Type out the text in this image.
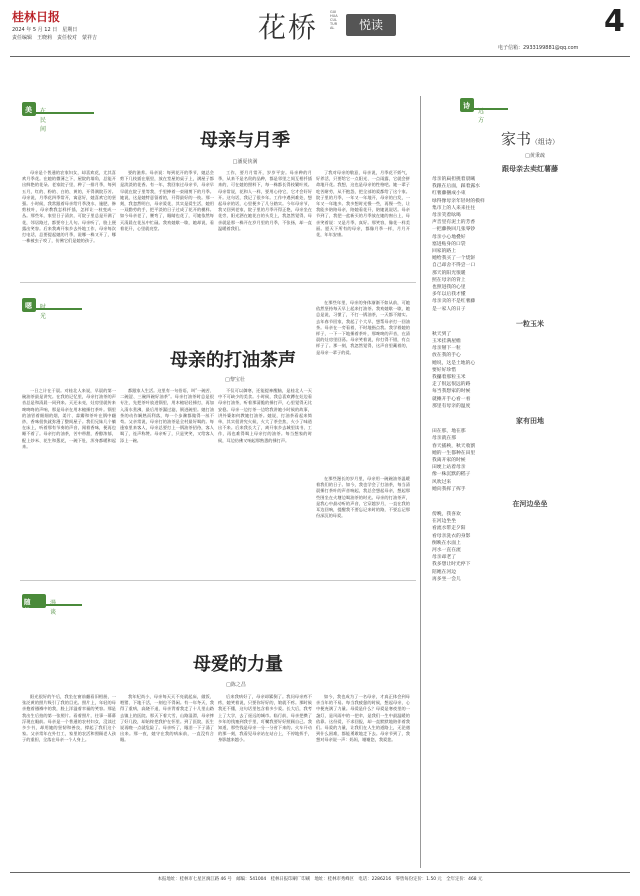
桂林日报
2024 年 5 月 12 日　星期日
责任编辑　王晓莉　责任校对　蒙祥吉	花桥	GUIHUA CULTURAL	悦读	4
电子信箱：29331998​81@qq.com
美 在民间
母亲与月季
□潘夏侠满
母亲是个普通的农家妇女，却喜欢花，尤其喜欢月季花。在她的微薄之下，屋院的墙角，总能开出鲜艳的花朵。老家院子里，种了一排月季，每到五月，红的、粉的、白的、黄的，开得满院芬芳。母亲说，月季花四季常开，寓意好，她喜欢它的坚强。小时候，我常跟着母亲给月季浇水、施肥、修剪枝叶，母亲教我怎样扦插，怎样让一枝变成一丛。那些年，家里日子清贫，可院子里总是开满了花，邻居路过，都要夸上几句。母亲听了，脸上便露出笑容。后来我离开家乡去外地工作，母亲每次打电话，总要提起她的月季，说哪一株又开了，哪一株被虫子咬了，仿佛它们是她的孩子。
要的滋养。母亲说：每到花开的季节，她总会剪下几枝插在瓶里，放在堂屋的桌子上，满屋子都是淡淡的花香。有一年，我回家过母亲节，母亲早早就在院子里等我，手里捧着一束刚剪下的月季。她说，这是她特意留着的，开得最好的一枝。那一刻，我忽然明白，母亲爱花，其实是爱生活，她用一双勤劳的手，把平淡的日子过成了花开的模样。如今母亲老了，腰弯了，眼睛也花了，可她依然每天清晨在花丛中忙碌。我劝她歇一歇，她却说，看着花开，心里就亮堂。
工作，要月月常开，岁岁平安。母亲种的月季，从来不是名贵的品种，都是邻里之间互相扦插来的，可在她的照料下，每一株都长得枝繁叶茂。母亲常说，花和人一样，要用心待它，它才会好好开。这句话，我记了很多年。工作中遇到难处，想起母亲的话，心里便多了几分踏实。今年母亲节，我又回到老家，院子里的月季开得正艳，母亲坐在花旁，阳光洒在她花白的头发上，我忽然觉得，母亲就是那一株开在岁月里的月季，不张扬，却一直温暖着我们。
了我对母亲的敬意，母亲说，月季花不娇气，好养活，只要给它一点阳光、一点雨露，它就会拼命地开花。我想，这也是母亲的性格吧。她一辈子吃苦耐劳，从不抱怨，把全部的爱都给了这个家。院子里的月季，一年又一年地开，母亲的白发，一年又一年地多。我多想时光慢一些，再慢一些，让我能多陪陪母亲，陪她看花开，陪她说说话。母亲节到了，我把一盆新买的月季放在她的窗台上，母亲笑着说：又是月季，真好。那笑容，像花一样美丽。愿天下所有的母亲，都像月季一样，月月开花，年年安康。
嗯 时光
母亲的打油茶声
□黎宝壮
一日之计在于晨。对桂北人来说，早晨的第一碗油茶最是讲究。在我的记忆里，母亲打油茶的声音总是和清晨一同到来。天还未亮，灶房里就传来咚咚咚的声响，那是母亲在用木槌捶打茶叶。锅里的油冒着细细的烟，姜片、蒜瓣和茶叶在锅中翻炒，香味很快就弥漫了整间屋子。我们兄妹几个躺在床上，听着那有节奏的声音，闻着香味，便再也睡不着了。母亲打的油茶，苦中带甜，香醇浓郁，配上炒米、花生和葱花，一碗下肚，浑身都暖和起来。
都跟家人生活。这里有一句俗语，叫“一碗苦、二碗涩、三碗四碗好油茶”。母亲打油茶时总是很专注，先把茶叶放进锅里，用木槌轻轻捶打，再加入清水煮沸，最后用茶漏过滤，倒进碗里。她打油茶的动作娴熟而利落，每一个步骤都做得一丝不苟。父亲常说，母亲打的油茶是全村最好喝的。每逢家里来客人，母亲总要打上一锅油茶招待，客人喝了，连声称赞。母亲听了，只是笑笑，又给客人添上一碗。
不仅可以御寒，还能提神醒脑，是桂北人一天中不可缺少的美食。小时候，我总喜欢蹲在灶边看母亲打油茶，听着那清脆的捶打声，心里觉得无比安稳。母亲一边打茶一边给我讲她小时候的故事，讲外婆如何教她打油茶。她说，打油茶看起来简单，其实很讲究火候，火大了茶会焦，火小了味道出不来。后来我长大了，离开家乡去城里读书、工作，再也难得喝上母亲打的油茶。每当想家的时候，耳边仿佛又响起那熟悉的捶打声。
在那些年里，母亲的身体渐渐不如从前，可她依然坚持每天早上起来打油茶。我劝她歇一歇，她总是说，习惯了，不打一锅油茶，一天都不踏实。去年春节回家，我起了个大早，想帮母亲打一回油茶。母亲在一旁看着，不时地指点我。我学着她的样子，一下一下地捶着茶叶，那咚咚的声音，在清晨的灶房里回荡。母亲笑着说，你打得不错，有点样子了。那一刻，我忽然觉得，这声音里藏着的，是母亲一辈子的爱。
在那些漫长的岁月里，母亲用一碗碗油茶温暖着我们的日子。如今，我也学会了打油茶，每当清晨捶打茶叶的声音响起，我总会想起母亲，想起那些围坐在火塘边喝油茶的时光。母亲的打油茶声，是我心中最动听的声音，它穿越岁月，一直在我的耳边回响，提醒我不要忘记来时的路，不要忘记那份深沉的母爱。
随笔
漫谈
母爱的力量
□陈之昌
阳光很好的午后，我坐在窗前翻看旧相册，一张泛黄的照片吸引了我的目光。照片上，年轻的母亲抱着襁褓中的我，脸上洋溢着幸福的笑容。那是我出生后拍的第一张照片。看着照片，往事一幕幕浮现在眼前。母亲是一个普通的农村妇女，没读过多少书，却用她的坚韧和善良，撑起了我们这个家。父亲常年在外打工，家里的农活和照顾老人孩子的重担，全落在母亲一个人身上。
我年纪尚小，母亲每天天不亮就起床，做饭、喂猪、下地干活，一刻也不得闲。有一年冬天，我得了重病，高烧不退，母亲背着我走了十几里山路去镇上的医院。那天下着大雪，山路湿滑，母亲摔了好几跤，却始终把我护在怀里。到了医院，医生说再晚一点就危险了。母亲听了，眼泪一下子涌了出来。那一夜，她守在我的病床前，一直没有合眼。
后来我病好了，母亲却累倒了。我问母亲疼不疼，她笑着说，只要你好好的，娘就不疼。那时候我还不懂，这句话里包含着多少爱。长大后，我考上了大学，去了遥远的城市。临行前，母亲把攒了多年的钱塞到我手里，叮嘱我要好好照顾自己。我知道，那些钱是母亲一分一分省下来的。火车开动的那一刻，我看见母亲站在站台上，不停地挥手，身影越来越小。
如今，我也成为了一名母亲，才真正体会到母亲当年的不易。每当我疲惫的时候，想起母亲，心中便充满了力量。母爱是什么？母爱是寒夜里的一盏灯，是风雨中的一把伞，是我们一生中最温暖的依靠。这份爱，不求回报，却一直默默地陪伴着我们。母爱的力量，让我们在人生的道路上，无论遇到什么困难，都能勇敢地走下去。母亲节到了，我想对母亲说一声：妈妈，谢谢您，我爱您。
诗
远方
家书（组诗）
□黄秉疏
跟母亲去卖红薯藤
母亲的扁担挑着晨曦
我跟在后面，踩着露水
红薯藤捆成小束
绿得像母亲年轻时的模样
集市上的人来来往往
母亲笑着吆喝
声音里有泥土的芳香
一把藤换回几张零钞
母亲小心地叠好
塞进贴身的口袋
回家的路上
她给我买了一个烧饼
自己却舍不得尝一口
那天的阳光很暖
照在母亲的背上
也照进我的心里
多年以后我才懂
母亲卖的不是红薯藤
是一家人的日子
一粒玉米
秋天到了
玉米挂满屋檐
母亲掰下一粒
放在我的手心
她说，这是土地的心
要好好珍惜
我攥着那粒玉米
走了很远很远的路
每当我想家的时候
就摊开手心看一看
那里有母亲的温度
家有田地
田在那，地在那
母亲就在那
春天插秧，秋天收割
她的一生都种在田里
我离开家的时候
田埂上站着母亲
像一株沉默的稻子
风吹过来
她向我挥了挥手
在河边坐坐
傍晚，我喜欢
在河边坐坐
看流水带走夕阳
看母亲洗衣的身影
倒映在水面上
河水一直在流
母亲却老了
我多想让时光停下
陪她在河边
再多坐一会儿
本报地址：桂林市七星区漓江路 46 号　邮编：541004　桂林日报印刷厂印刷　地址：桂林市秀峰区　电话：2286216　零售每份定价：1.50 元　全年定价：468 元
